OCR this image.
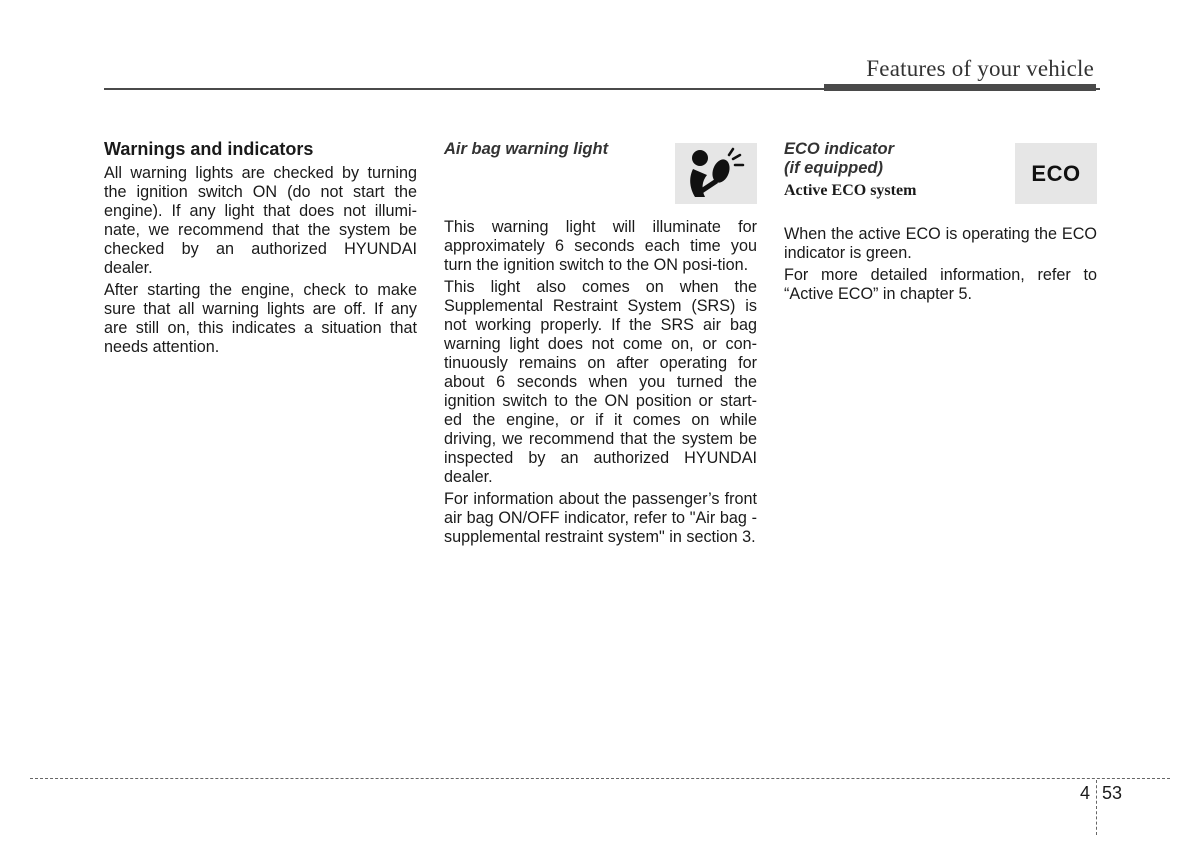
Features of your vehicle
Warnings and indicators

All warning lights are checked by turning the ignition switch ON (do not start the engine). If any light that does not illumi-nate, we recommend that the system be checked by an authorized HYUNDAI dealer.

After starting the engine, check to make sure that all warning lights are off. If any are still on, this indicates a situation that needs attention.

Air bag warning light

This warning light will illuminate for approximately 6 seconds each time you turn the ignition switch to the ON posi-tion.

This light also comes on when the Supplemental Restraint System (SRS) is not working properly. If the SRS air bag warning light does not come on, or con-tinuously remains on after operating for about 6 seconds when you turned the ignition switch to the ON position or start-ed the engine, or if it comes on while driving, we recommend that the system be inspected by an authorized HYUNDAI dealer.

For information about the passenger’s front air bag ON/OFF indicator, refer to "Air bag - supplemental restraint system" in section 3.

ECO indicator
(if equipped)
Active ECO system
ECO

When the active ECO is operating the ECO indicator is green.

For more detailed information, refer to “Active ECO” in chapter 5.

4 53
